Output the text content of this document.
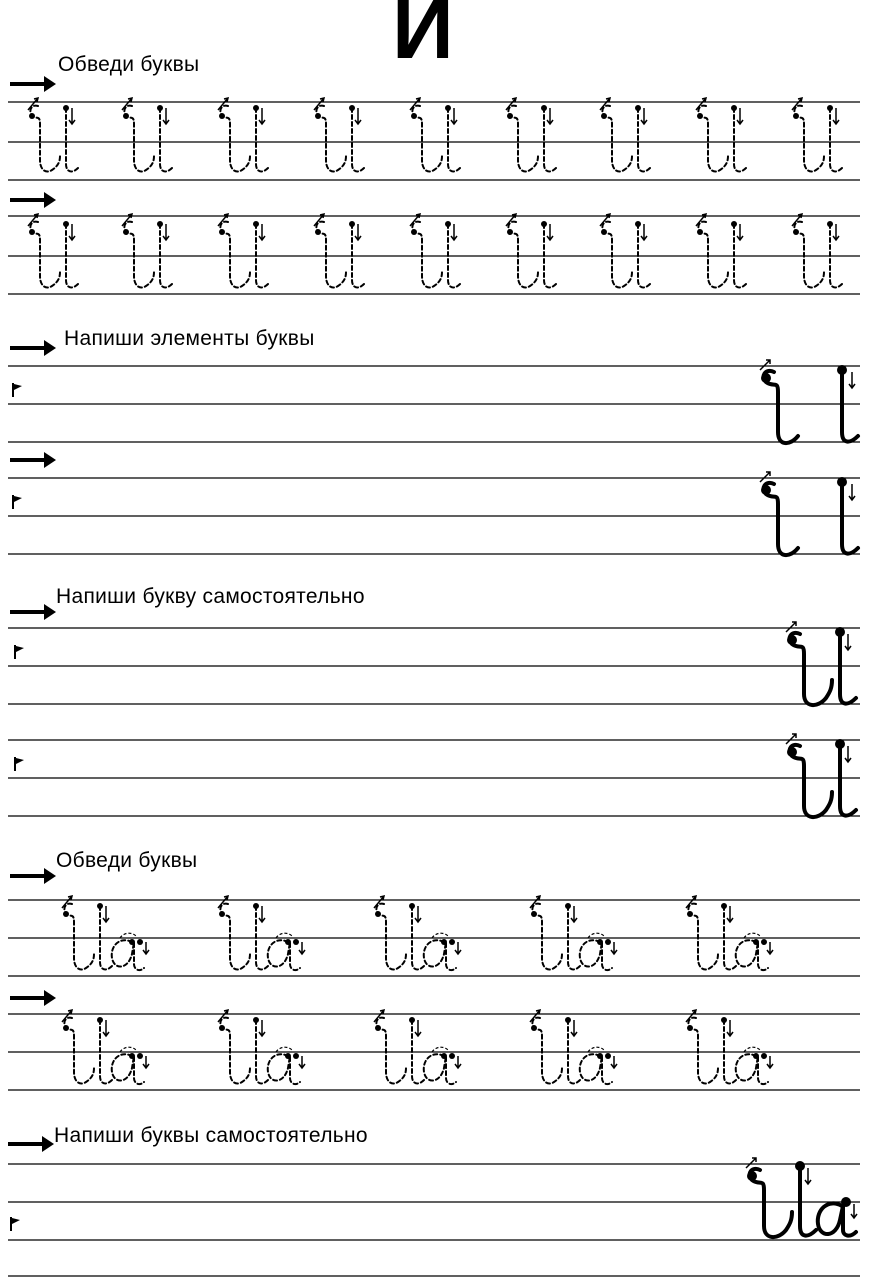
И
Обведи буквы
Напиши элементы буквы
Напиши букву самостоятельно
Обведи буквы
Напиши буквы самостоятельно
